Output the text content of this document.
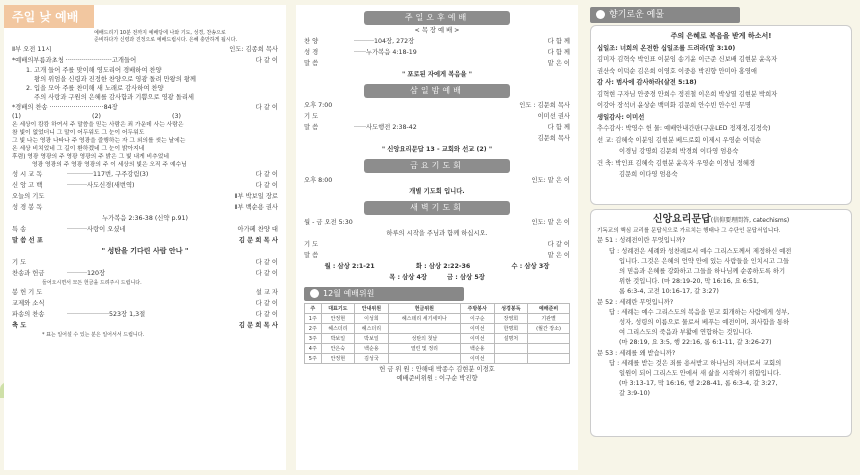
주일 낮 예배
예배드리기 10분 전까지 예배당에 나와 기도, 성경, 찬송으로
준비하다가 신령과 진정으로 예배드립시다. 은혜 충만하게 됩시다.
Ⅱ부 오전 11시	인도: 김종희 목사
*예배의부름과초청 ·······················고개들어	다 같 이
1. 고개 들어 주를 맞이해 영도리어 경배하여 찬양
왕의 위엄을 신령과 진정한 찬양으로 영광 돌려 만왕의 왕께
2. 입을 모아 주를 찬미해 새 노래로 감사하여 찬양
주의 사랑과 구원의 은혜를 감사함과 기쁨으로 영광 돌리세
*경배의 찬송 ···························84장	다 같 이
(1)	(2)	(3)
온 세상이 캄캄 하여서 주 말씀을 믿는 사람은 죄 가운데 사는 사람은
참 빛이 없었더니 그 말이 어두워도 그 눈이 어두워도
그 빛 나는 영광 나타나 주 영광을 즐행하는 자 그 외의를 씻는 날에는
온 세상 비치었네 그 길이 환하겠네 그 눈이 밝아지네
후렴) 영광 영광의 주 영광 영광의 주 밝은 그 빛 내게 비추었네
영광 영광의 주 영광 영광의 주 이 세상의 빛은 오직 주 예수님
성 시 교 독	·············117번, 구주강림(3)	다 같 이
신 앙 고 백	··········사도신경(새번역)	다 같 이
오늘의 기도	Ⅱ부 박보일 장로
성 경 봉 독	Ⅱ부 백순용 권사
누가복음 2:36-38 (신약 p.91)
특 송	··········사랑이 오셨네	아가페 찬양 대
말 씀 선 포	김 문 희 목 사
" 성탄을 기다린 사람 안나 "
기 도	다 같 이
찬송과 헌금	··········120장	다 같 이
들어오시면서 모든 헌금을 드려주시 드립니다.
봉 헌 기 도	설 교 자
교제와 소식	다 같 이
파송의 찬송	·····················523장 1,3절	다 같 이
축 도	김 문 희 목 사
* 표는 일어설 수 있는 분은 일어서서 드립니다.
주일오후예배
< 목 장 예 배 >
찬 양	··········104장, 272장	다 함 께
성 경	······누가복음 4:18-19	다 함 께
말 씀	맡 은 이
" 포로된 자에게 복음을 "
삼일밤예배
오후 7:00	인도 : 김문희 목사
기 도	이미선 권사
말 씀	······사도행전 2:38-42	다 함 께
김문희 목사
" 신앙요리문답 13 - 교회와 선교 (2) "
금요기도회
오후 8:00	인도: 맡 은 이
개별 기도회 입니다.
새벽기도회
월 - 금 오전 5:30	인도: 맡 은 이
하루의 시작을 주님과 함께 하십시오.
기 도	다 같 이
말 씀	맡 은 이
월 : 삼상 2:1-21	화 : 삼상 2:22-36	수 : 삼상 3장
목 : 삼상 4장	금 : 삼상 5장
12월 예배위원
주	대표기도	안내위원	헌금위원	주방봉사	성경봉독	예배준비
1주	안정현	이성희	헤스데리 세기세미나	이구순	장영희	기관별
2주	헤스더리	헤스더리		이미선	한명희	(월간 장소)
3주	박보일	박보일	성탄의 첫날	이미선	설명처	
4주	안은숙	백순용	열린 및 정리	백순용		
5주	안정현	김성국		이미선		
헌 금 위 원 : 안해대 박종수 김현분 이경호
예배준비위원 : 이구순 박진향
향기로운 예물
주의 은혜로 복음을 받게 하소서!
십일조: 너희의 온전한 십일조를 드려라(말 3:10)
김미자 김혁숙 박인표 이분임 송기윤 이근준 신보배 김현분 윤옥자
권산숙 이덕순 김은희 이영호 이중용 박진향 안미아 홍영애
감 사: 범사에 감사하라(살전 5:18)
김혁현 구자님 안중경 안희수 정진철 이은희 박상열 김현분 박희자
이강아 장석녀 윤상순 백미화 김문희 안수빈 안수인 무명
생일감사: 이미선
추수감사: 박영수 헌 물: 예배안내간판(구운LED 정재경,김정숙)
선 교: 김혜숙 이분임 김현분 베드로회 이제시 우영순 이덕순
이경님 강명희 김문희 박경희 이다영 엄용숙
건 축: 박인표 김혜숙 김현분 윤옥자 우영순 이경님 정혜경
김문희 이다영 엄용숙
신앙요리문답(信仰要理問答, catechisms)
기독교의 핵심 교리를 문답식으로 가르치는 행태나 그 수단인 문답서입니다.
문 51 : 성례전이란 무엇입니까?
답 : 성례전은 세례와 성찬례로서 예수 그리스도께서 제정하신 예전
입니다. 그것은 은혜의 언약 안에 있는 사람들을 인치시고 그들
의 믿음과 은혜를 강화하고 그들을 하나님께 순종하도록 하기
위한 것입니다. (마 28:19-20, 막 16:16, 요 6:51,
롬 6:3-4, 고전 10:16-17, 갈 3:27)
문 52 : 세례란 무엇입니까?
답 : 세례는 예수 그리스도의 복음을 믿고 회개하는 사람에게 성부,
성자, 성령의 이름으로 물로서 베푸는 예전이며, 죄사함을 통하
여 그리스도의 죽음과 부활에 연합하는 것입니다.
(마 28:19, 요 3:5, 행 22:16, 롬 6:1-11, 갈 3:26-27)
문 53 : 세례를 왜 받습니까?
답 : 세례를 받는 것은 죄를 용서받고 하나님의 자녀로서 교회의
일원이 되어 그리스도 안에서 새 삶을 시작하기 위함입니다.
(마 3:13-17, 막 16:16, 행 2:28-41, 롬 6:3-4, 갈 3:27,
갈 3:9-10)
